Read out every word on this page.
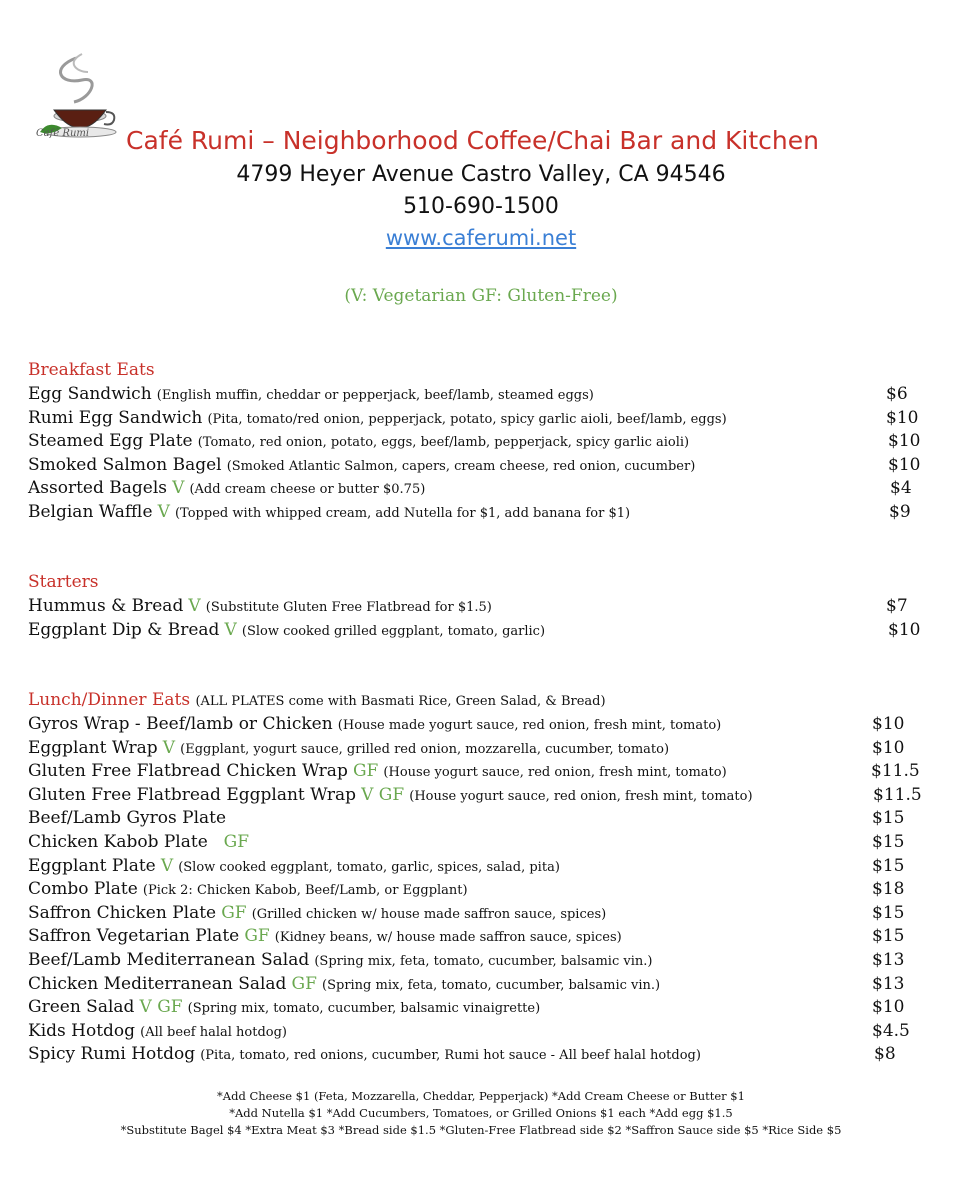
Café Rumi Café Rumi – Neighborhood Coffee/Chai Bar and Kitchen
4799 Heyer Avenue Castro Valley, CA 94546
510-690-1500
www.caferumi.net
(V: Vegetarian GF: Gluten-Free)
Breakfast Eats
Egg Sandwich (English muffin, cheddar or pepperjack, beef/lamb, steamed eggs)	$6
Rumi Egg Sandwich (Pita, tomato/red onion, pepperjack, potato, spicy garlic aioli, beef/lamb, eggs)	$10
Steamed Egg Plate (Tomato, red onion, potato, eggs, beef/lamb, pepperjack, spicy garlic aioli)	$10
Smoked Salmon Bagel (Smoked Atlantic Salmon, capers, cream cheese, red onion, cucumber)	$10
Assorted Bagels V (Add cream cheese or butter $0.75)	$4
Belgian Waffle V (Topped with whipped cream, add Nutella for $1, add banana for $1)	$9
Starters
Hummus & Bread V (Substitute Gluten Free Flatbread for $1.5)	$7
Eggplant Dip & Bread V (Slow cooked grilled eggplant, tomato, garlic)	$10
Lunch/Dinner Eats (ALL PLATES come with Basmati Rice, Green Salad, & Bread)
Gyros Wrap - Beef/lamb or Chicken (House made yogurt sauce, red onion, fresh mint, tomato)	$10
Eggplant Wrap V (Eggplant, yogurt sauce, grilled red onion, mozzarella, cucumber, tomato)	$10
Gluten Free Flatbread Chicken Wrap GF (House yogurt sauce, red onion, fresh mint, tomato)	$11.5
Gluten Free Flatbread Eggplant Wrap V GF (House yogurt sauce, red onion, fresh mint, tomato)	$11.5
Beef/Lamb Gyros Plate	$15
Chicken Kabob Plate   GF	$15
Eggplant Plate V (Slow cooked eggplant, tomato, garlic, spices, salad, pita)	$15
Combo Plate (Pick 2: Chicken Kabob, Beef/Lamb, or Eggplant)	$18
Saffron Chicken Plate GF (Grilled chicken w/ house made saffron sauce, spices)	$15
Saffron Vegetarian Plate GF (Kidney beans, w/ house made saffron sauce, spices)	$15
Beef/Lamb Mediterranean Salad (Spring mix, feta, tomato, cucumber, balsamic vin.)	$13
Chicken Mediterranean Salad GF (Spring mix, feta, tomato, cucumber, balsamic vin.)	$13
Green Salad V GF (Spring mix, tomato, cucumber, balsamic vinaigrette)	$10
Kids Hotdog (All beef halal hotdog)	$4.5
Spicy Rumi Hotdog (Pita, tomato, red onions, cucumber, Rumi hot sauce - All beef halal hotdog)	$8
*Add Cheese $1 (Feta, Mozzarella, Cheddar, Pepperjack) *Add Cream Cheese or Butter $1
*Add Nutella $1 *Add Cucumbers, Tomatoes, or Grilled Onions $1 each *Add egg $1.5
*Substitute Bagel $4 *Extra Meat $3 *Bread side $1.5 *Gluten-Free Flatbread side $2 *Saffron Sauce side $5 *Rice Side $5
